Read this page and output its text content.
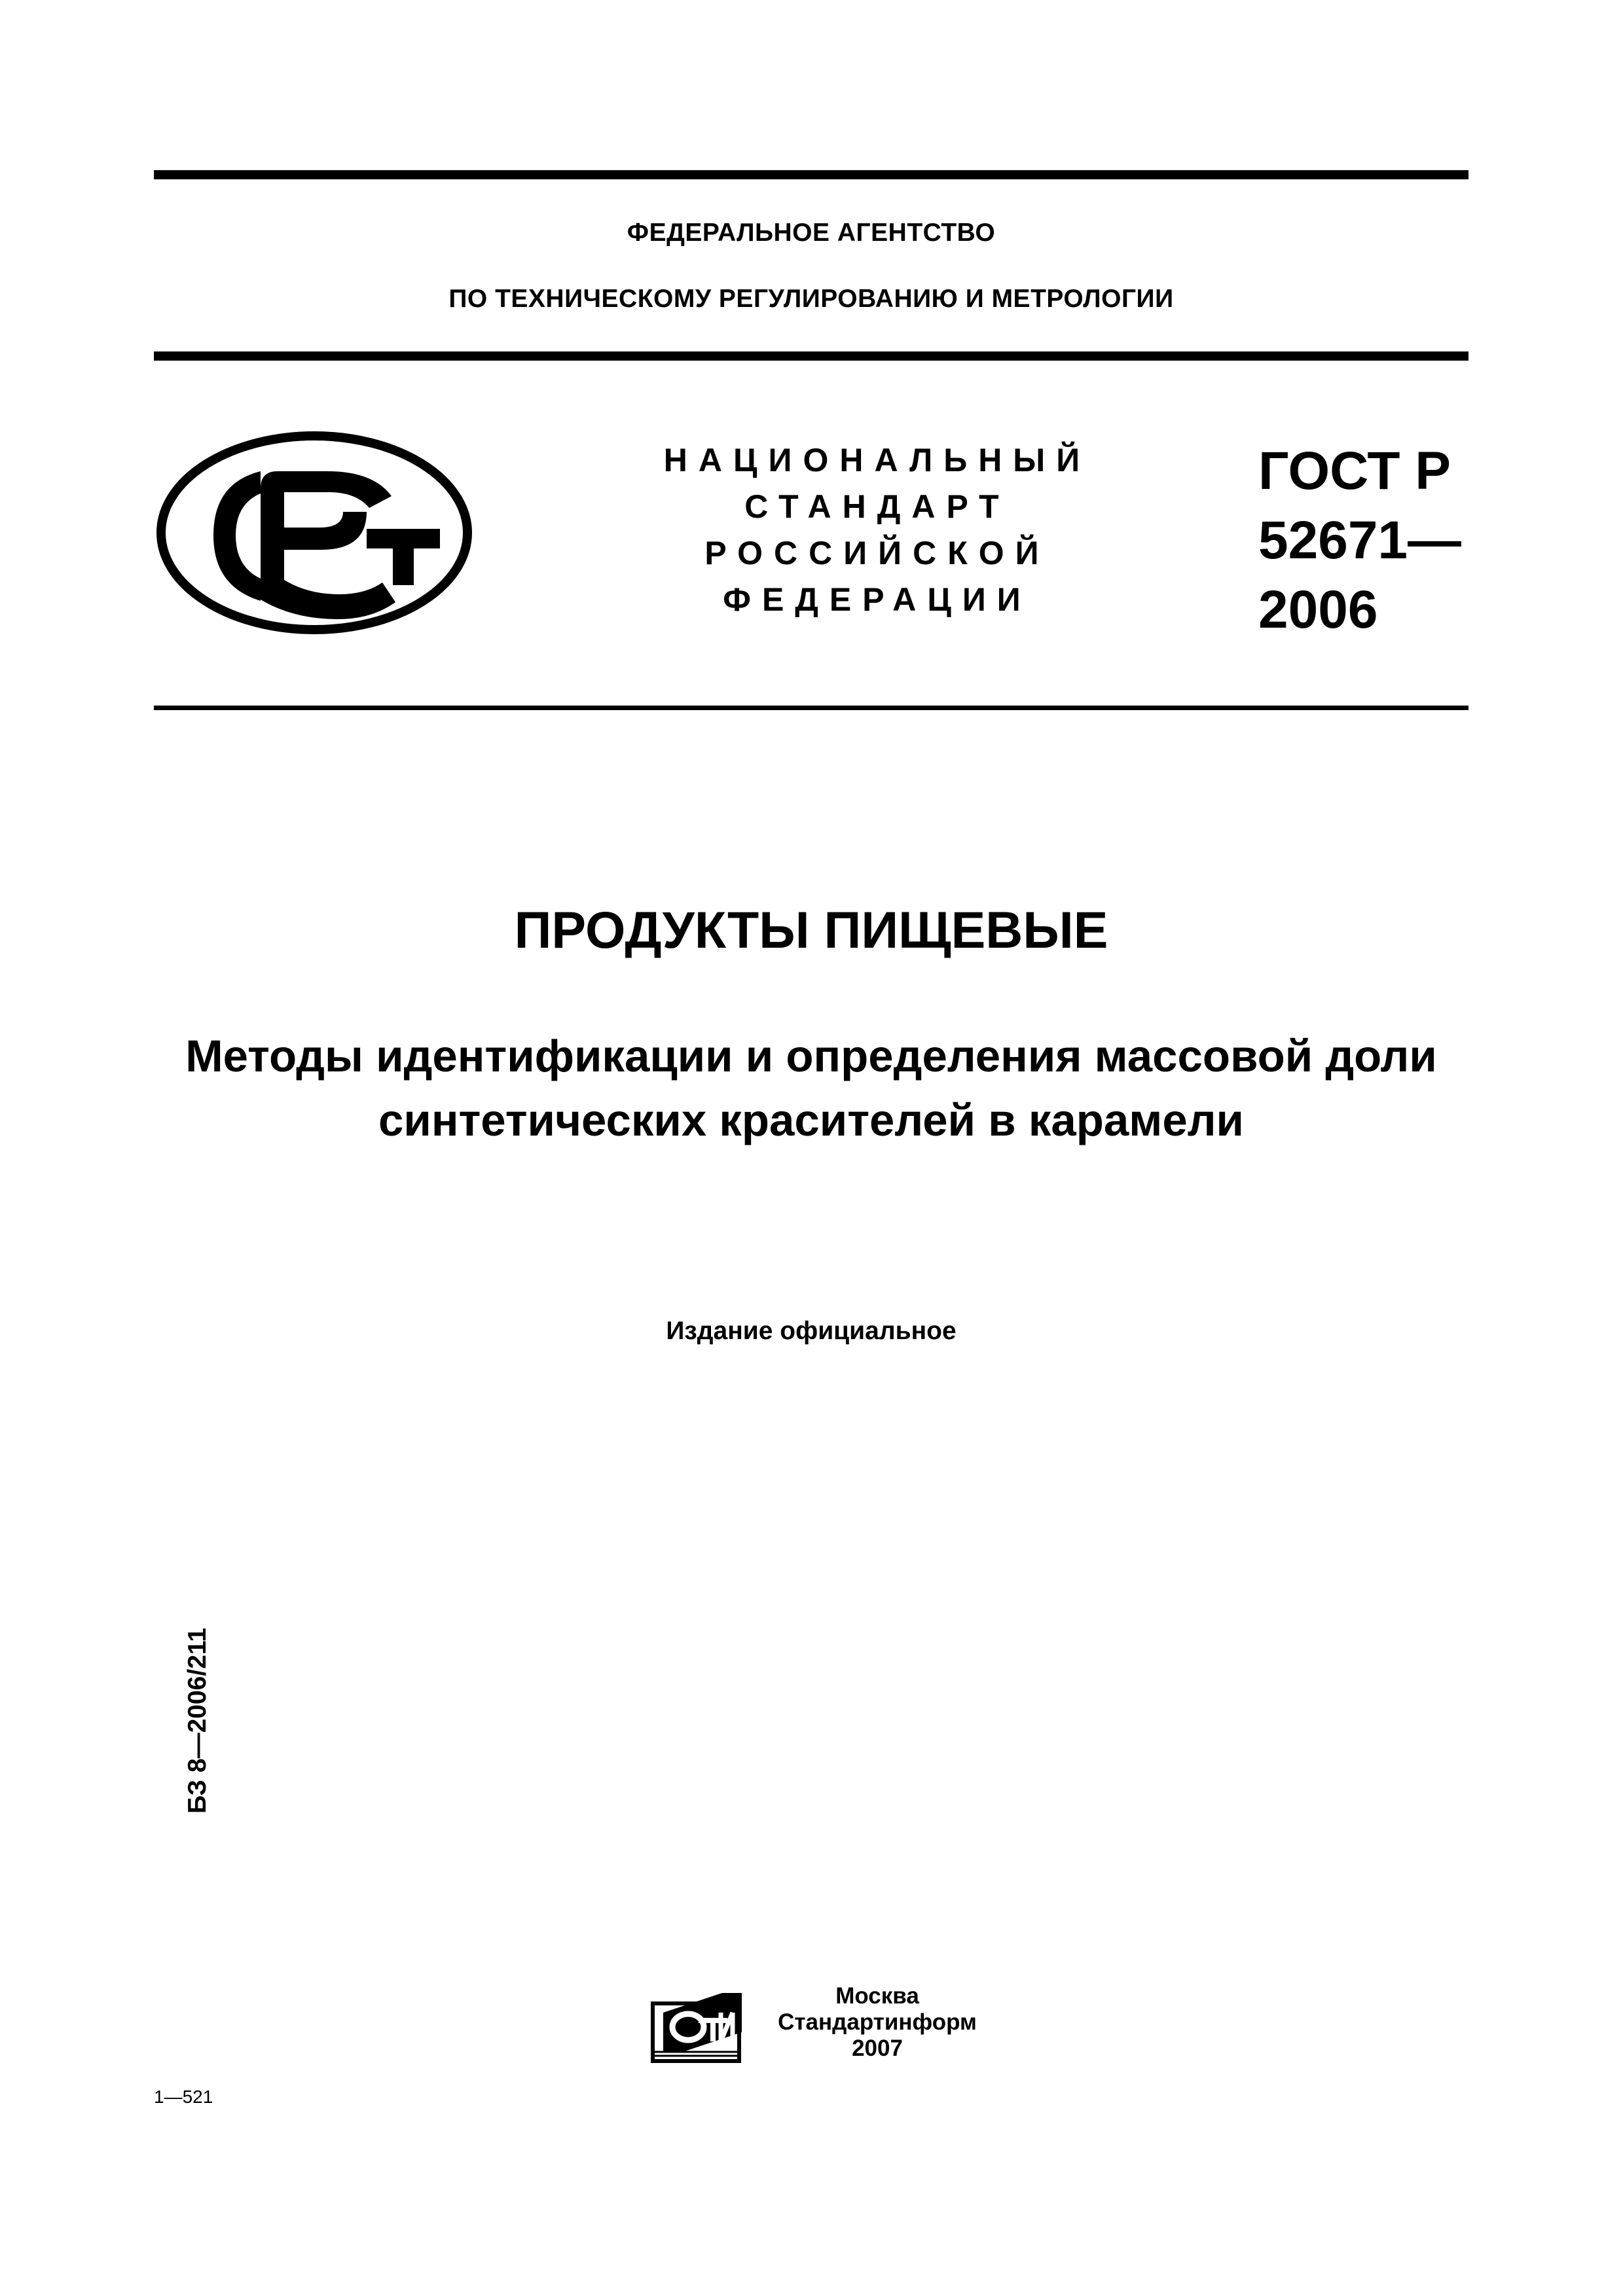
ФЕДЕРАЛЬНОЕ АГЕНТСТВО
ПО ТЕХНИЧЕСКОМУ РЕГУЛИРОВАНИЮ И МЕТРОЛОГИИ
НАЦИОНАЛЬНЫЙ
СТАНДАРТ
РОССИЙСКОЙ
ФЕДЕРАЦИИ
ГОСТ Р
52671—
2006
ПРОДУКТЫ ПИЩЕВЫЕ
Методы идентификации и определения массовой доли
синтетических красителей в карамели
Издание официальное
БЗ 8—2006/211
Москва
Стандартинформ
2007
1—521
